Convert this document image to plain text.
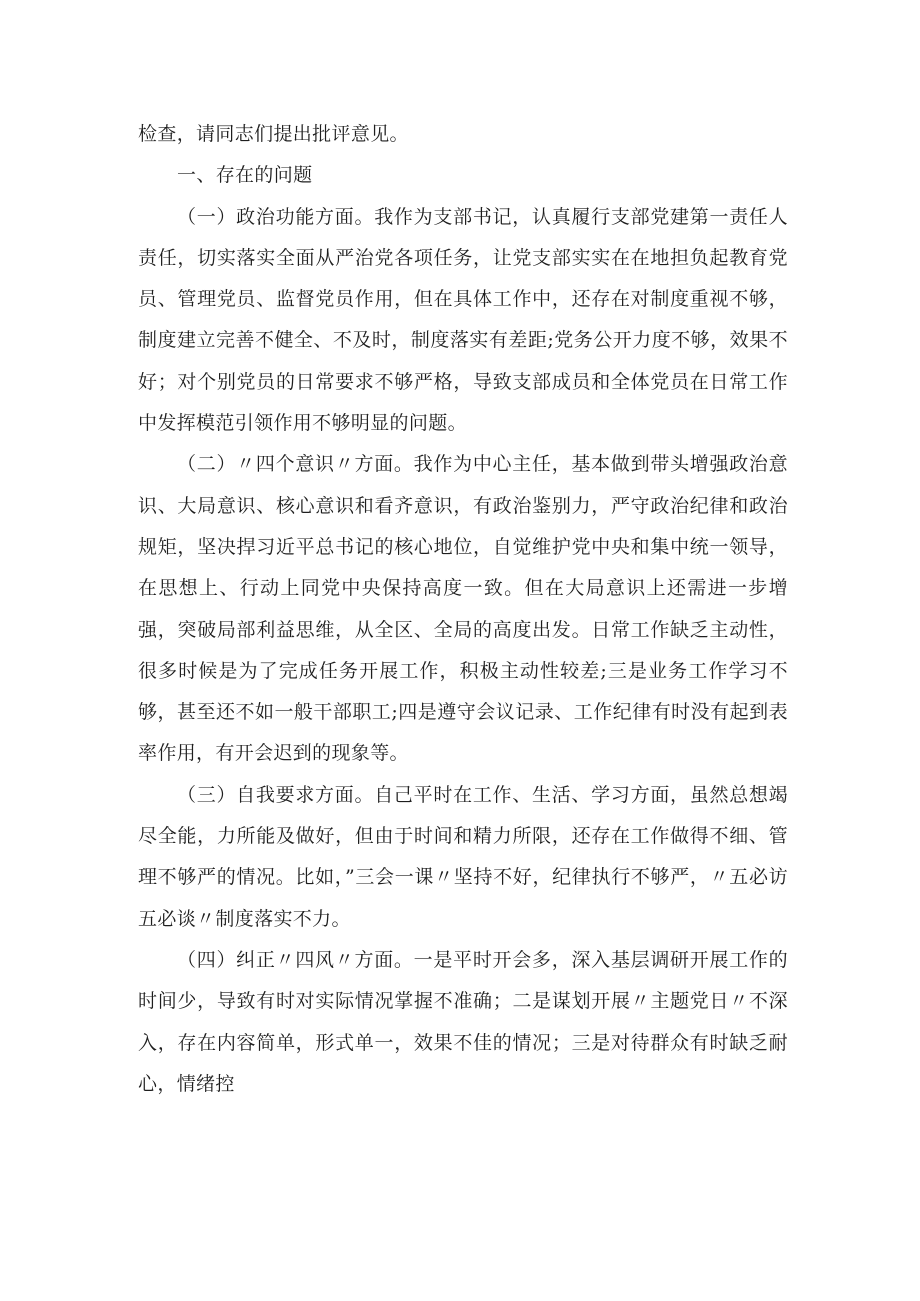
检查，请同志们提出批评意见。

一、存在的问题

（一）政治功能方面。我作为支部书记，认真履行支部党建第一责任人责任，切实落实全面从严治党各项任务，让党支部实实在在地担负起教育党员、管理党员、监督党员作用，但在具体工作中，还存在对制度重视不够，制度建立完善不健全、不及时，制度落实有差距;党务公开力度不够，效果不好；对个别党员的日常要求不够严格，导致支部成员和全体党员在日常工作中发挥模范引领作用不够明显的问题。

（二）〃四个意识〃方面。我作为中心主任，基本做到带头增强政治意识、大局意识、核心意识和看齐意识，有政治鉴别力，严守政治纪律和政治规矩，坚决捍习近平总书记的核心地位，自觉维护党中央和集中统一领导，在思想上、行动上同党中央保持高度一致。但在大局意识上还需进一步增强，突破局部利益思维，从全区、全局的高度出发。日常工作缺乏主动性，很多时候是为了完成任务开展工作，积极主动性较差;三是业务工作学习不够，甚至还不如一般干部职工;四是遵守会议记录、工作纪律有时没有起到表率作用，有开会迟到的现象等。

（三）自我要求方面。自己平时在工作、生活、学习方面，虽然总想竭尽全能，力所能及做好，但由于时间和精力所限，还存在工作做得不细、管理不够严的情况。比如，”三会一课〃坚持不好，纪律执行不够严，〃五必访五必谈〃制度落实不力。

（四）纠正〃四风〃方面。一是平时开会多，深入基层调研开展工作的时间少，导致有时对实际情况掌握不准确；二是谋划开展〃主题党日〃不深入，存在内容简单，形式单一，效果不佳的情况；三是对待群众有时缺乏耐心，情绪控
